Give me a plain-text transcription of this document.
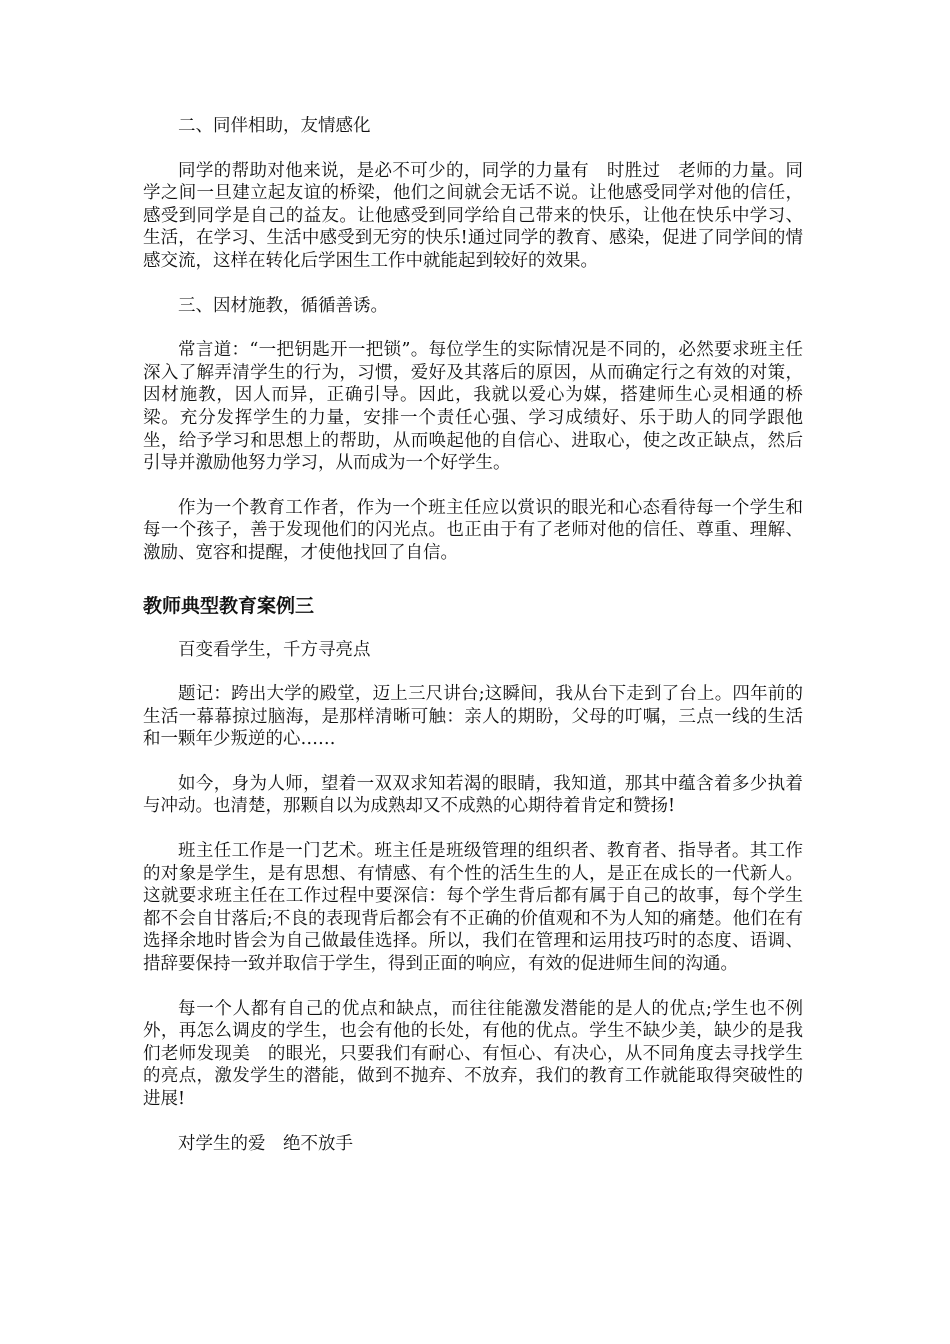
二、同伴相助，友情感化

同学的帮助对他来说，是必不可少的，同学的力量有　时胜过　老师的力量。同学之间一旦建立起友谊的桥梁，他们之间就会无话不说。让他感受同学对他的信任，感受到同学是自己的益友。让他感受到同学给自己带来的快乐，让他在快乐中学习、生活，在学习、生活中感受到无穷的快乐!通过同学的教育、感染，促进了同学间的情感交流，这样在转化后学困生工作中就能起到较好的效果。

三、因材施教，循循善诱。

常言道：“一把钥匙开一把锁”。每位学生的实际情况是不同的，必然要求班主任深入了解弄清学生的行为，习惯，爱好及其落后的原因，从而确定行之有效的对策，因材施教，因人而异，正确引导。因此，我就以爱心为媒，搭建师生心灵相通的桥梁。充分发挥学生的力量，安排一个责任心强、学习成绩好、乐于助人的同学跟他坐，给予学习和思想上的帮助，从而唤起他的自信心、进取心，使之改正缺点，然后引导并激励他努力学习，从而成为一个好学生。

作为一个教育工作者，作为一个班主任应以赏识的眼光和心态看待每一个学生和每一个孩子，善于发现他们的闪光点。也正由于有了老师对他的信任、尊重、理解、激励、宽容和提醒，才使他找回了自信。

教师典型教育案例三

百变看学生，千方寻亮点

题记：跨出大学的殿堂，迈上三尺讲台;这瞬间，我从台下走到了台上。四年前的生活一幕幕掠过脑海，是那样清晰可触：亲人的期盼，父母的叮嘱，三点一线的生活和一颗年少叛逆的心……

如今，身为人师，望着一双双求知若渴的眼睛，我知道，那其中蕴含着多少执着与冲动。也清楚，那颗自以为成熟却又不成熟的心期待着肯定和赞扬!

班主任工作是一门艺术。班主任是班级管理的组织者、教育者、指导者。其工作的对象是学生，是有思想、有情感、有个性的活生生的人，是正在成长的一代新人。这就要求班主任在工作过程中要深信：每个学生背后都有属于自己的故事，每个学生都不会自甘落后;不良的表现背后都会有不正确的价值观和不为人知的痛楚。他们在有选择余地时皆会为自己做最佳选择。所以，我们在管理和运用技巧时的态度、语调、措辞要保持一致并取信于学生，得到正面的响应，有效的促进师生间的沟通。

每一个人都有自己的优点和缺点，而往往能激发潜能的是人的优点;学生也不例外，再怎么调皮的学生，也会有他的长处，有他的优点。学生不缺少美，缺少的是我们老师发现美　的眼光，只要我们有耐心、有恒心、有决心，从不同角度去寻找学生的亮点，激发学生的潜能，做到不抛弃、不放弃，我们的教育工作就能取得突破性的进展!

对学生的爱　绝不放手
